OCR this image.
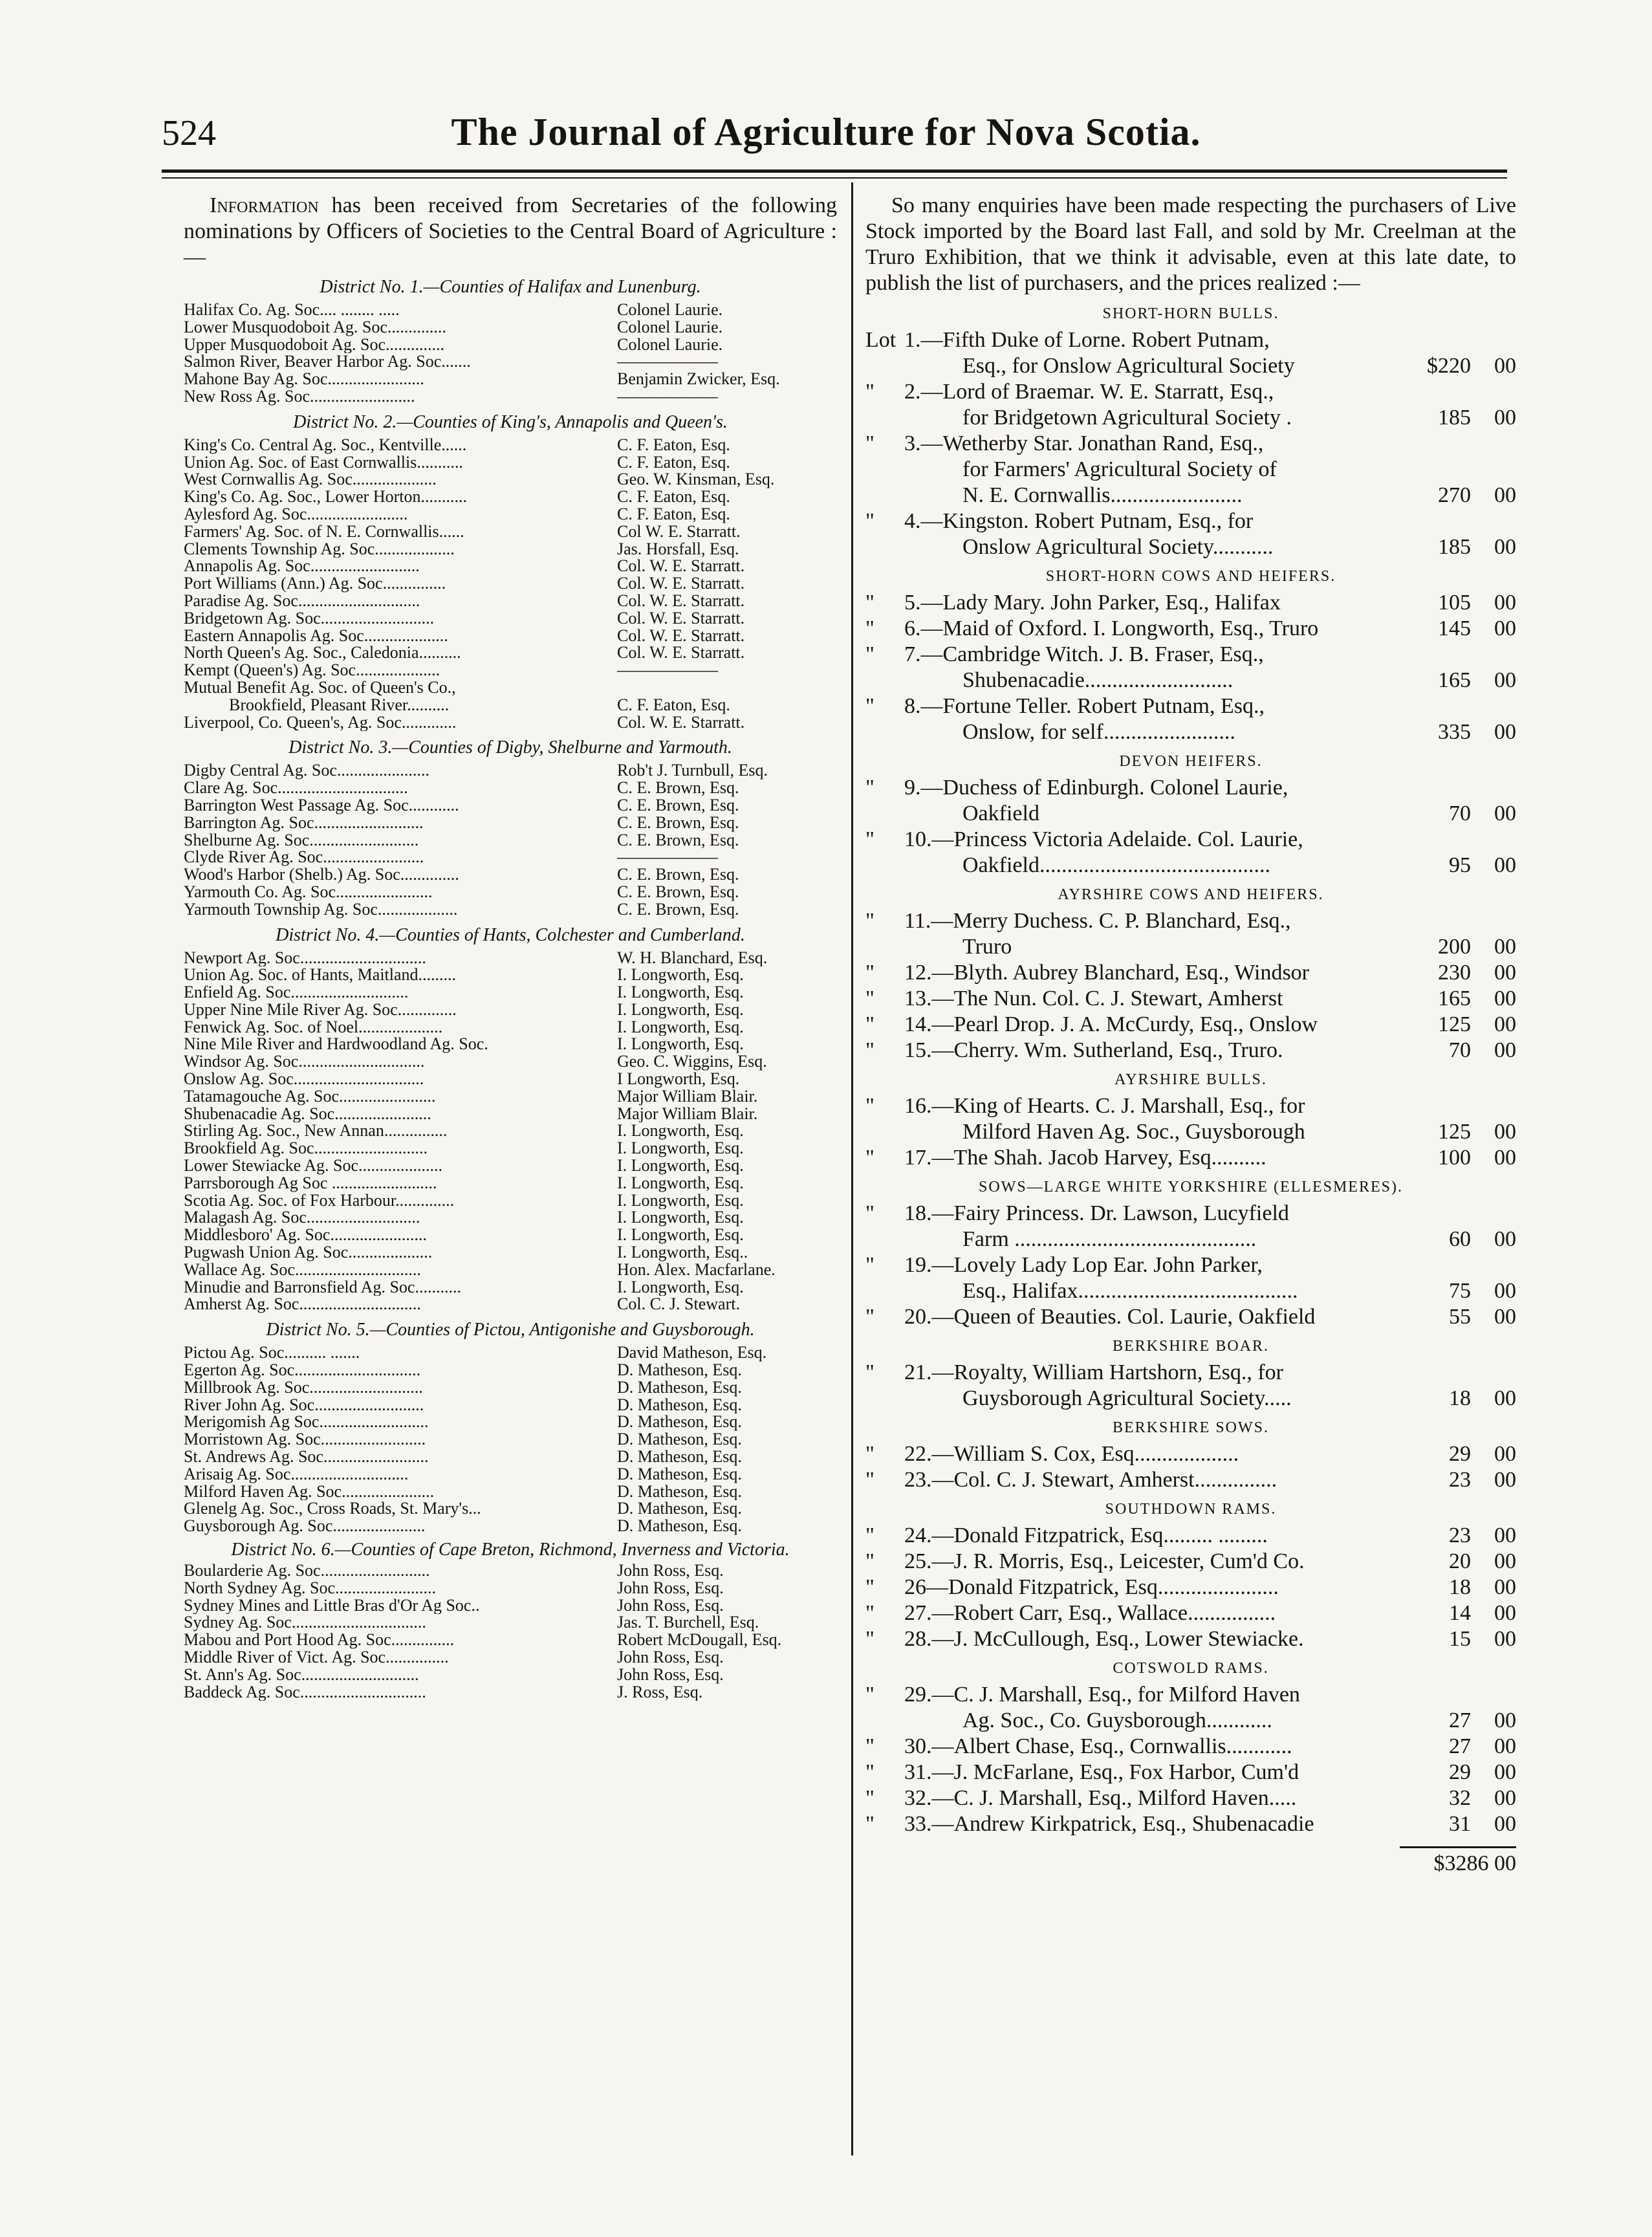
524	The Journal of Agriculture for Nova Scotia.

Information has been received from Secretaries of the following nominations by Officers of Societies to the Central Board of Agriculture :—

District No. 1.—Counties of Halifax and Lunenburg.
Halifax Co. Ag. Soc.... ........ .....	Colonel Laurie.
Lower Musquodoboit Ag. Soc..............	Colonel Laurie.
Upper Musquodoboit Ag. Soc..............	Colonel Laurie.
Salmon River, Beaver Harbor Ag. Soc.......	——————
Mahone Bay Ag. Soc.......................	Benjamin Zwicker, Esq.
New Ross Ag. Soc.........................	——————
District No. 2.—Counties of King's, Annapolis and Queen's.
King's Co. Central Ag. Soc., Kentville......	C. F. Eaton, Esq.
Union Ag. Soc. of East Cornwallis...........	C. F. Eaton, Esq.
West Cornwallis Ag. Soc....................	Geo. W. Kinsman, Esq.
King's Co. Ag. Soc., Lower Horton...........	C. F. Eaton, Esq.
Aylesford Ag. Soc........................	C. F. Eaton, Esq.
Farmers' Ag. Soc. of N. E. Cornwallis......	Col W. E. Starratt.
Clements Township Ag. Soc...................	Jas. Horsfall, Esq.
Annapolis Ag. Soc..........................	Col. W. E. Starratt.
Port Williams (Ann.) Ag. Soc...............	Col. W. E. Starratt.
Paradise Ag. Soc.............................	Col. W. E. Starratt.
Bridgetown Ag. Soc...........................	Col. W. E. Starratt.
Eastern Annapolis Ag. Soc....................	Col. W. E. Starratt.
North Queen's Ag. Soc., Caledonia..........	Col. W. E. Starratt.
Kempt (Queen's) Ag. Soc....................	——————
Mutual Benefit Ag. Soc. of Queen's Co.,
Brookfield, Pleasant River..........	C. F. Eaton, Esq.
Liverpool, Co. Queen's, Ag. Soc.............	Col. W. E. Starratt.
District No. 3.—Counties of Digby, Shelburne and Yarmouth.
Digby Central Ag. Soc......................	Rob't J. Turnbull, Esq.
Clare Ag. Soc...............................	C. E. Brown, Esq.
Barrington West Passage Ag. Soc............	C. E. Brown, Esq.
Barrington Ag. Soc..........................	C. E. Brown, Esq.
Shelburne Ag. Soc..........................	C. E. Brown, Esq.
Clyde River Ag. Soc........................	——————
Wood's Harbor (Shelb.) Ag. Soc..............	C. E. Brown, Esq.
Yarmouth Co. Ag. Soc.......................	C. E. Brown, Esq.
Yarmouth Township Ag. Soc...................	C. E. Brown, Esq.
District No. 4.—Counties of Hants, Colchester and Cumberland.
Newport Ag. Soc..............................	W. H. Blanchard, Esq.
Union Ag. Soc. of Hants, Maitland.........	I. Longworth, Esq.
Enfield Ag. Soc............................	I. Longworth, Esq.
Upper Nine Mile River Ag. Soc..............	I. Longworth, Esq.
Fenwick Ag. Soc. of Noel....................	I. Longworth, Esq.
Nine Mile River and Hardwoodland Ag. Soc.	I. Longworth, Esq.
Windsor Ag. Soc..............................	Geo. C. Wiggins, Esq.
Onslow Ag. Soc...............................	I Longworth, Esq.
Tatamagouche Ag. Soc.......................	Major William Blair.
Shubenacadie Ag. Soc.......................	Major William Blair.
Stirling Ag. Soc., New Annan...............	I. Longworth, Esq.
Brookfield Ag. Soc...........................	I. Longworth, Esq.
Lower Stewiacke Ag. Soc....................	I. Longworth, Esq.
Parrsborough Ag Soc .........................	I. Longworth, Esq.
Scotia Ag. Soc. of Fox Harbour..............	I. Longworth, Esq.
Malagash Ag. Soc...........................	I. Longworth, Esq.
Middlesboro' Ag. Soc.......................	I. Longworth, Esq.
Pugwash Union Ag. Soc....................	I. Longworth, Esq..
Wallace Ag. Soc..............................	Hon. Alex. Macfarlane.
Minudie and Barronsfield Ag. Soc...........	I. Longworth, Esq.
Amherst Ag. Soc.............................	Col. C. J. Stewart.
District No. 5.—Counties of Pictou, Antigonishe and Guysborough.
Pictou Ag. Soc.......... .......	David Matheson, Esq.
Egerton Ag. Soc..............................	D. Matheson, Esq.
Millbrook Ag. Soc...........................	D. Matheson, Esq.
River John Ag. Soc..........................	D. Matheson, Esq.
Merigomish Ag Soc..........................	D. Matheson, Esq.
Morristown Ag. Soc.........................	D. Matheson, Esq.
St. Andrews Ag. Soc.........................	D. Matheson, Esq.
Arisaig Ag. Soc............................	D. Matheson, Esq.
Milford Haven Ag. Soc......................	D. Matheson, Esq.
Glenelg Ag. Soc., Cross Roads, St. Mary's...	D. Matheson, Esq.
Guysborough Ag. Soc......................	D. Matheson, Esq.
District No. 6.—Counties of Cape Breton, Richmond, Inverness and Victoria.
Boularderie Ag. Soc..........................	John Ross, Esq.
North Sydney Ag. Soc........................	John Ross, Esq.
Sydney Mines and Little Bras d'Or Ag Soc..	John Ross, Esq.
Sydney Ag. Soc................................	Jas. T. Burchell, Esq.
Mabou and Port Hood Ag. Soc...............	Robert McDougall, Esq.
Middle River of Vict. Ag. Soc...............	John Ross, Esq.
St. Ann's Ag. Soc............................	John Ross, Esq.
Baddeck Ag. Soc..............................	J. Ross, Esq.

So many enquiries have been made respecting the purchasers of Live Stock imported by the Board last Fall, and sold by Mr. Creelman at the Truro Exhibition, that we think it advisable, even at this late date, to publish the list of purchasers, and the prices realized :—

SHORT-HORN BULLS.
Lot 1.—Fifth Duke of Lorne. Robert Putnam,
Esq., for Onslow Agricultural Society	$220 00
"	2.—Lord of Braemar. W. E. Starratt, Esq.,
for Bridgetown Agricultural Society .	185 00
"	3.—Wetherby Star. Jonathan Rand, Esq.,
for Farmers' Agricultural Society of
N. E. Cornwallis........................	270 00
"	4.—Kingston. Robert Putnam, Esq., for
Onslow Agricultural Society...........	185 00
SHORT-HORN COWS AND HEIFERS.
"	5.—Lady Mary. John Parker, Esq., Halifax	105 00
"	6.—Maid of Oxford. I. Longworth, Esq., Truro	145 00
"	7.—Cambridge Witch. J. B. Fraser, Esq.,
Shubenacadie...........................	165 00
"	8.—Fortune Teller. Robert Putnam, Esq.,
Onslow, for self........................	335 00
DEVON HEIFERS.
"	9.—Duchess of Edinburgh. Colonel Laurie,
Oakfield	70 00
"	10.—Princess Victoria Adelaide. Col. Laurie,
Oakfield..........................................	95 00
AYRSHIRE COWS AND HEIFERS.
"	11.—Merry Duchess. C. P. Blanchard, Esq.,
Truro	200 00
"	12.—Blyth. Aubrey Blanchard, Esq., Windsor	230 00
"	13.—The Nun. Col. C. J. Stewart, Amherst	165 00
"	14.—Pearl Drop. J. A. McCurdy, Esq., Onslow	125 00
"	15.—Cherry. Wm. Sutherland, Esq., Truro.	70 00
AYRSHIRE BULLS.
"	16.—King of Hearts. C. J. Marshall, Esq., for
Milford Haven Ag. Soc., Guysborough	125 00
"	17.—The Shah. Jacob Harvey, Esq..........	100 00
SOWS—LARGE WHITE YORKSHIRE (ELLESMERES).
"	18.—Fairy Princess. Dr. Lawson, Lucyfield
Farm ............................................	60 00
"	19.—Lovely Lady Lop Ear. John Parker,
Esq., Halifax........................................	75 00
"	20.—Queen of Beauties. Col. Laurie, Oakfield	55 00
BERKSHIRE BOAR.
"	21.—Royalty, William Hartshorn, Esq., for
Guysborough Agricultural Society.....	18 00
BERKSHIRE SOWS.
"	22.—William S. Cox, Esq...................	29 00
"	23.—Col. C. J. Stewart, Amherst...............	23 00
SOUTHDOWN RAMS.
"	24.—Donald Fitzpatrick, Esq......... .........	23 00
"	25.—J. R. Morris, Esq., Leicester, Cum'd Co.	20 00
"	26—Donald Fitzpatrick, Esq......................	18 00
"	27.—Robert Carr, Esq., Wallace................	14 00
"	28.—J. McCullough, Esq., Lower Stewiacke.	15 00
COTSWOLD RAMS.
"	29.—C. J. Marshall, Esq., for Milford Haven
Ag. Soc., Co. Guysborough............	27 00
"	30.—Albert Chase, Esq., Cornwallis............	27 00
"	31.—J. McFarlane, Esq., Fox Harbor, Cum'd	29 00
"	32.—C. J. Marshall, Esq., Milford Haven.....	32 00
"	33.—Andrew Kirkpatrick, Esq., Shubenacadie	31 00
$3286 00
